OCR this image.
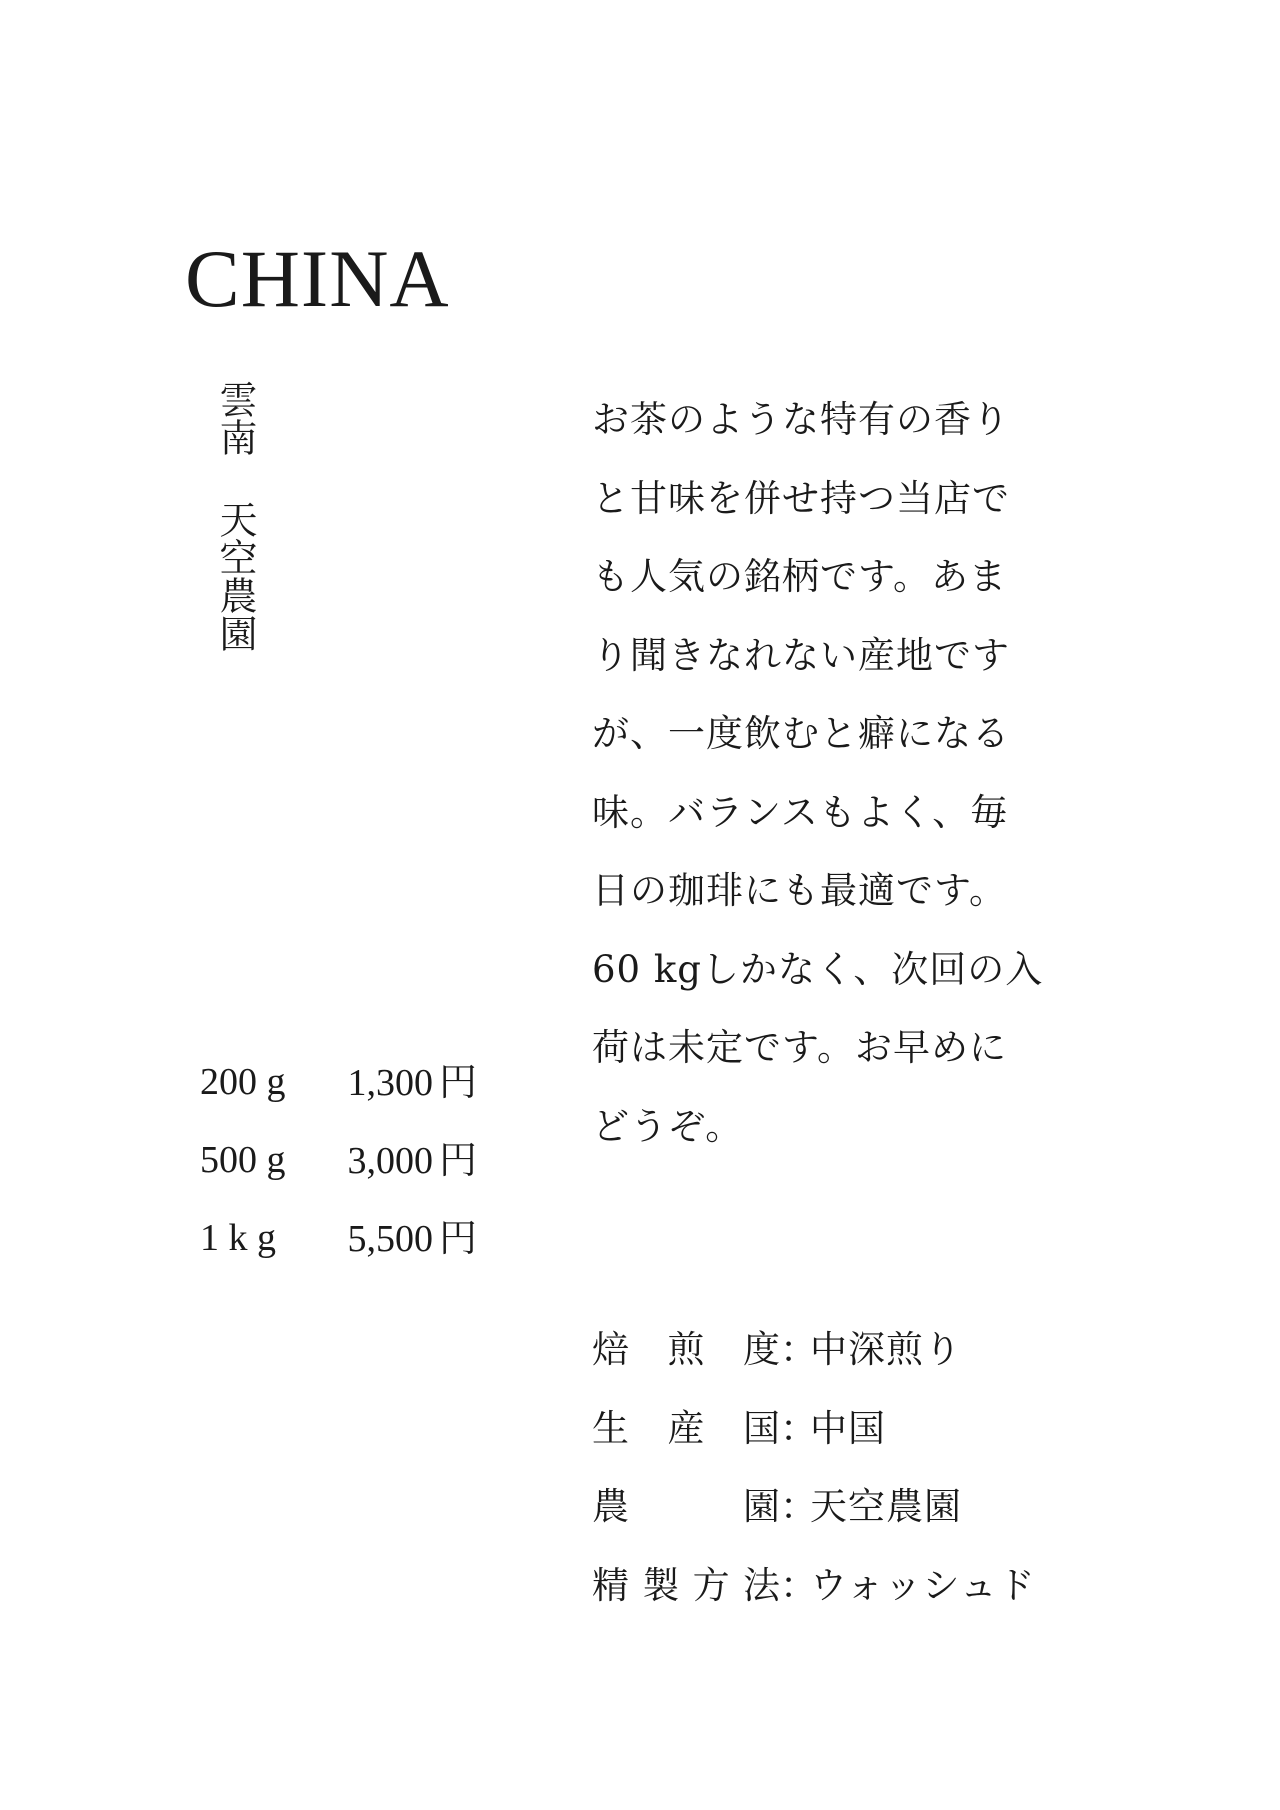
CHINA
雲南天空農園
200 g	1,300 円
500 g	3,000 円
1 k g	5,500 円
お茶のような特有の香り
と甘味を併せ持つ当店で
も人気の銘柄です。あま
り聞きなれない産地です
が、一度飲むと癖になる
味。バランスもよく、毎
日の珈琲にも最適です。
60 kgしかなく、次回の入
荷は未定です。お早めに
どうぞ。
焙 煎 度 ：
中深煎り
生 産 国 ：
中国
農	園 ：
天空農園
精 製 方 法 ：
ウォッシュド
